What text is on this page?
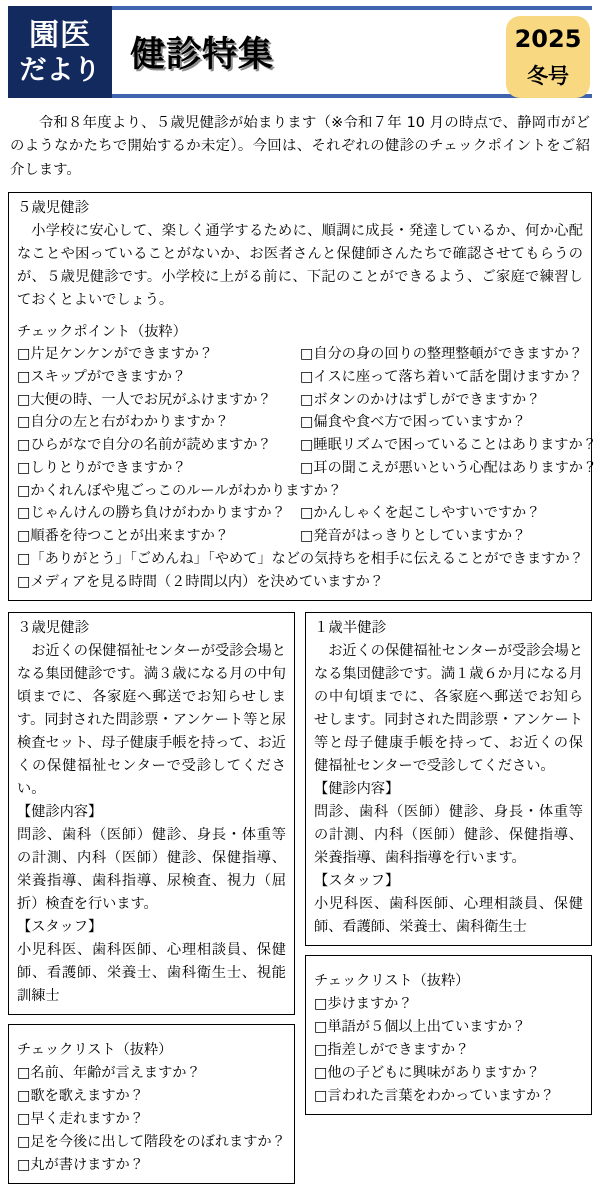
園医
だより 健診特集	2025
冬号

令和８年度より、５歳児健診が始まります（※令和７年 10 月の時点で、静岡市がどのようなかたちで開始するか未定）。今回は、それぞれの健診のチェックポイントをご紹介します。

５歳児健診

小学校に安心して、楽しく通学するために、順調に成長・発達しているか、何か心配なことや困っていることがないか、お医者さんと保健師さんたちで確認させてもらうのが、５歳児健診です。小学校に上がる前に、下記のことができるよう、ご家庭で練習しておくとよいでしょう。

チェックポイント（抜粋）
□片足ケンケンができますか？	□自分の身の回りの整理整頓ができますか？
□スキップができますか？	□イスに座って落ち着いて話を聞けますか？
□大便の時、一人でお尻がふけますか？	□ボタンのかけはずしができますか？
□自分の左と右がわかりますか？	□偏食や食べ方で困っていますか？
□ひらがなで自分の名前が読めますか？	□睡眠リズムで困っていることはありますか？
□しりとりができますか？	□耳の聞こえが悪いという心配はありますか？
□かくれんぼや鬼ごっこのルールがわかりますか？

□じゃんけんの勝ち負けがわかりますか？	□かんしゃくを起こしやすいですか？
□順番を待つことが出来ますか？	□発音がはっきりとしていますか？
□「ありがとう」「ごめんね」「やめて」などの気持ちを相手に伝えることができますか？
□メディアを見る時間（２時間以内）を決めていますか？
３歳児健診

お近くの保健福祉センターが受診会場となる集団健診です。満３歳になる月の中旬頃までに、各家庭へ郵送でお知らせします。同封された問診票・アンケート等と尿検査セット、母子健康手帳を持って、お近くの保健福祉センターで受診してください。

【健診内容】

問診、歯科（医師）健診、身長・体重等の計測、内科（医師）健診、保健指導、栄養指導、歯科指導、尿検査、視力（屈折）検査を行います。

【スタッフ】

小児科医、歯科医師、心理相談員、保健師、看護師、栄養士、歯科衛生士、視能訓練士

チェックリスト（抜粋）
□名前、年齢が言えますか？
□歌を歌えますか？
□早く走れますか？
□足を今後に出して階段をのぼれますか？
□丸が書けますか？
１歳半健診

お近くの保健福祉センターが受診会場となる集団健診です。満１歳６か月になる月の中旬頃までに、各家庭へ郵送でお知らせします。同封された問診票・アンケート等と母子健康手帳を持って、お近くの保健福祉センターで受診してください。

【健診内容】

問診、歯科（医師）健診、身長・体重等の計測、内科（医師）健診、保健指導、栄養指導、歯科指導を行います。

【スタッフ】

小児科医、歯科医師、心理相談員、保健師、看護師、栄養士、歯科衛生士

チェックリスト（抜粋）
□歩けますか？
□単語が５個以上出ていますか？
□指差しができますか？
□他の子どもに興味がありますか？
□言われた言葉をわかっていますか？
